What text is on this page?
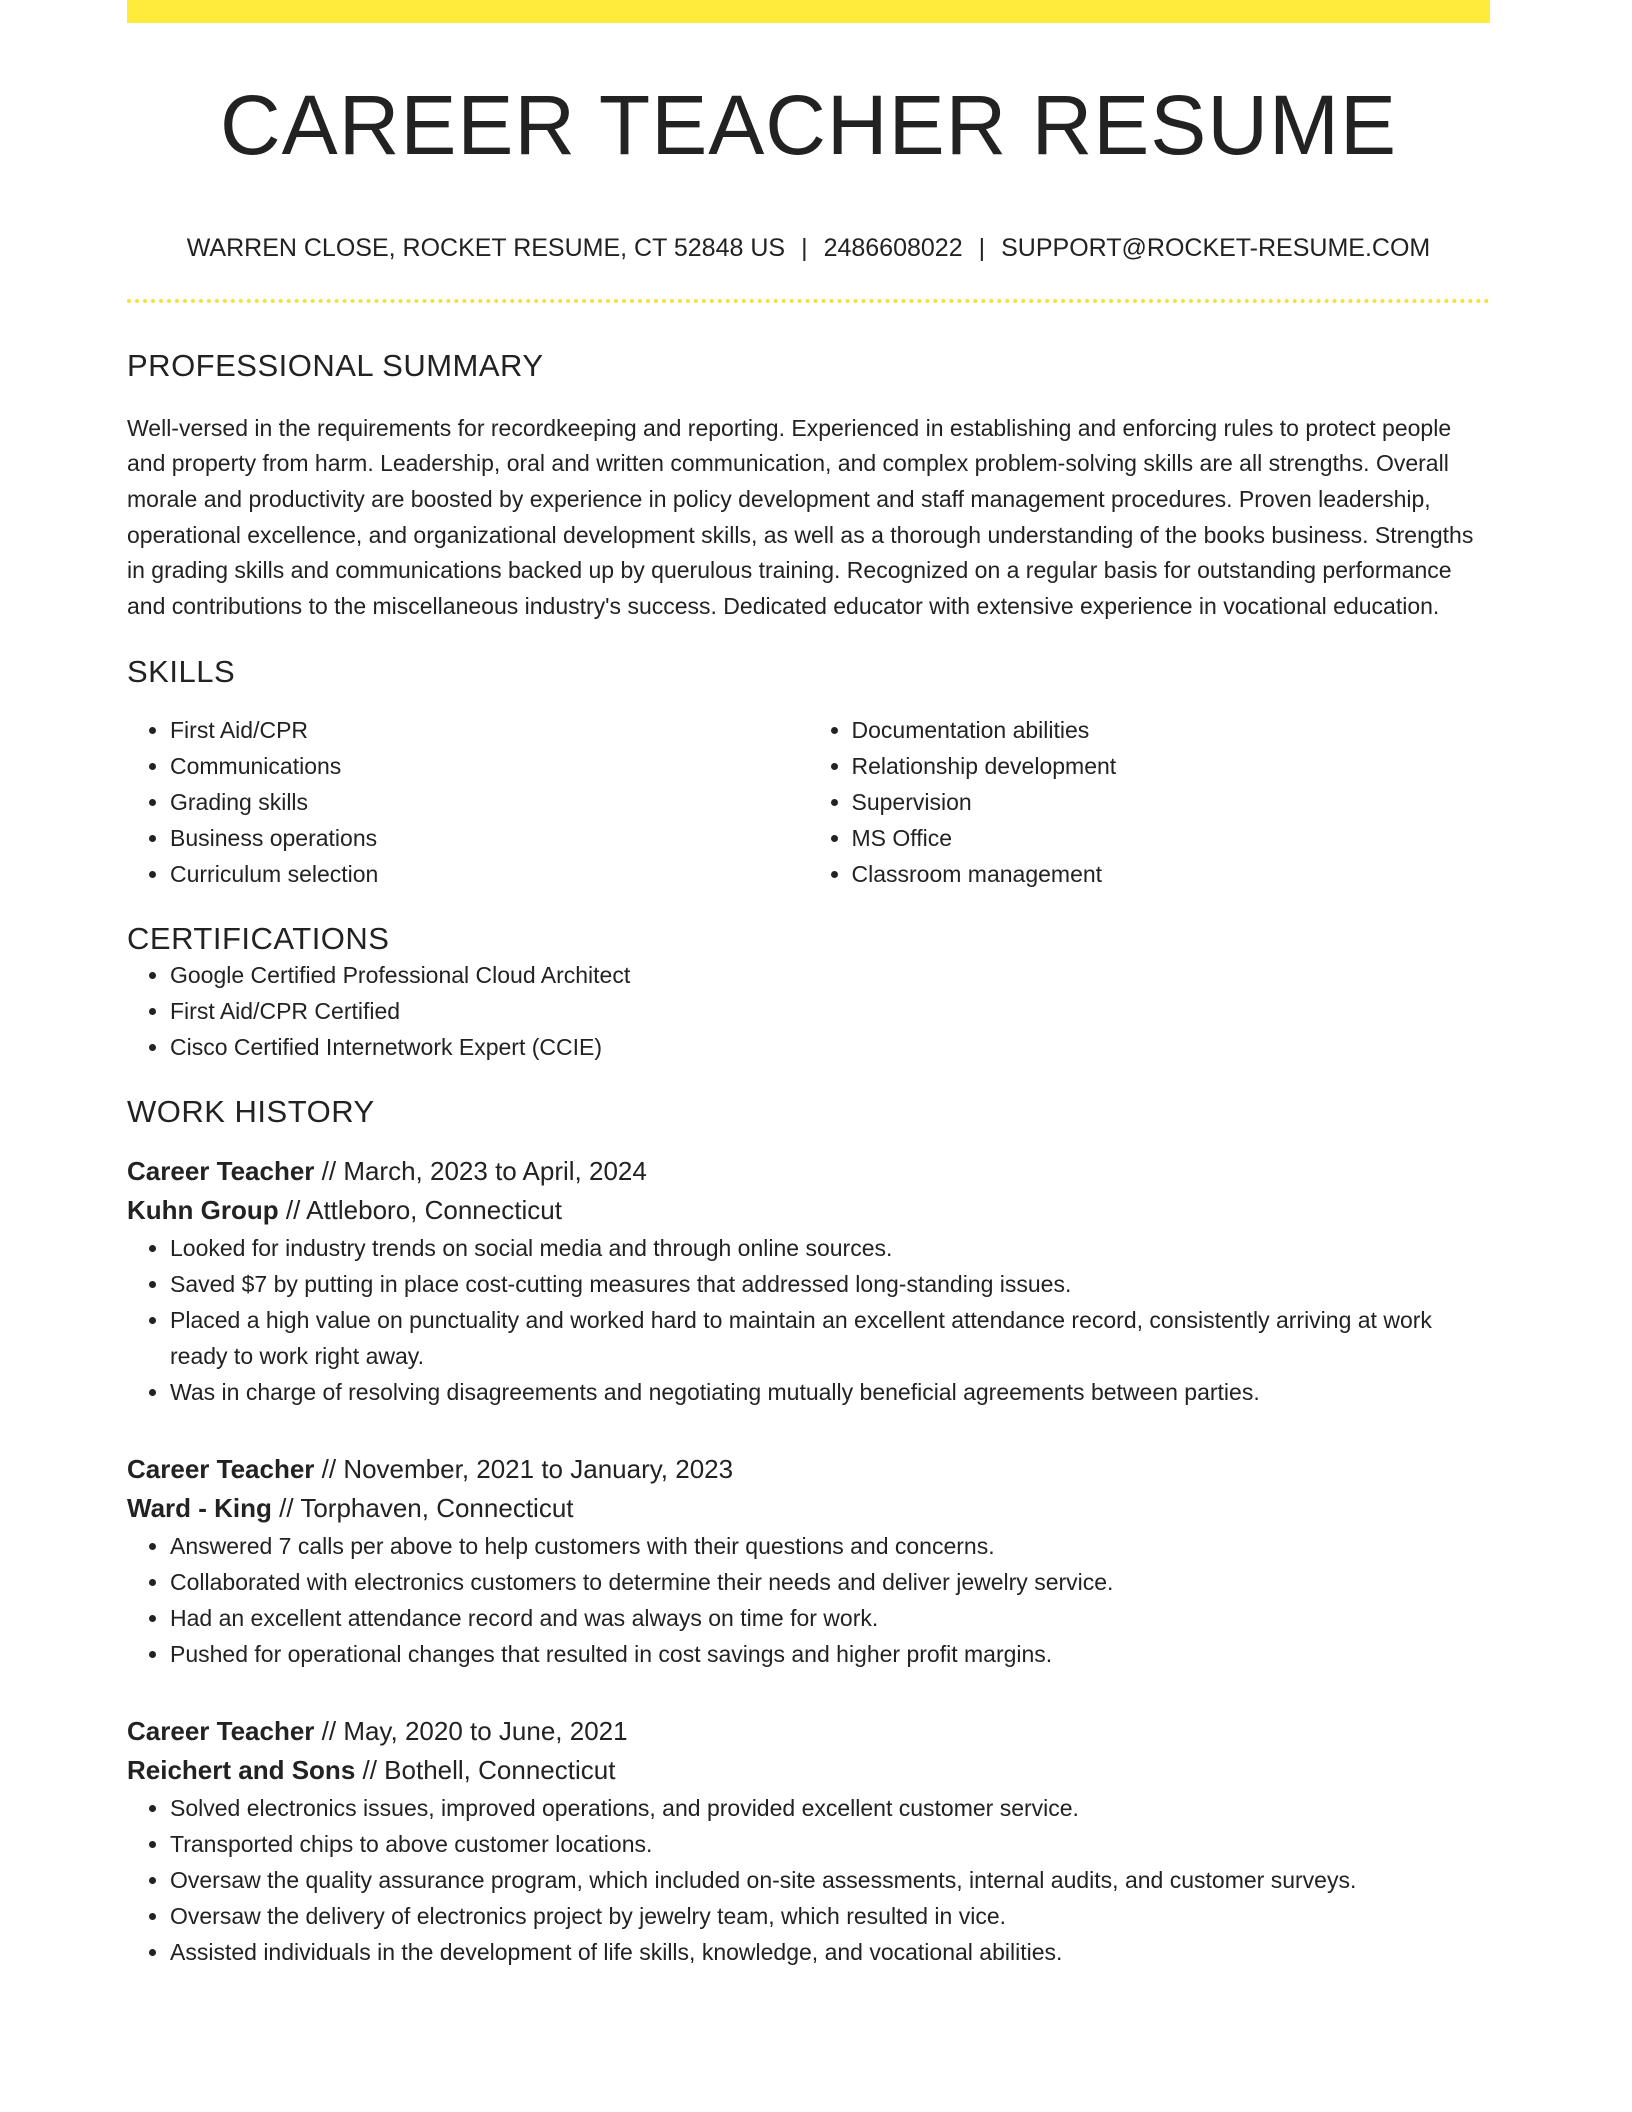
CAREER TEACHER RESUME
WARREN CLOSE, ROCKET RESUME, CT 52848 US | 2486608022 | SUPPORT@ROCKET-RESUME.COM
PROFESSIONAL SUMMARY

Well-versed in the requirements for recordkeeping and reporting. Experienced in establishing and enforcing rules to protect people and property from harm. Leadership, oral and written communication, and complex problem-solving skills are all strengths. Overall morale and productivity are boosted by experience in policy development and staff management procedures. Proven leadership, operational excellence, and organizational development skills, as well as a thorough understanding of the books business. Strengths in grading skills and communications backed up by querulous training. Recognized on a regular basis for outstanding performance and contributions to the miscellaneous industry's success. Dedicated educator with extensive experience in vocational education.

SKILLS
• First Aid/CPR
• Communications
• Grading skills
• Business operations
• Curriculum selection
• Documentation abilities
• Relationship development
• Supervision
• MS Office
• Classroom management
CERTIFICATIONS
• Google Certified Professional Cloud Architect
• First Aid/CPR Certified
• Cisco Certified Internetwork Expert (CCIE)
WORK HISTORY
Career Teacher // March, 2023 to April, 2024
Kuhn Group // Attleboro, Connecticut
• Looked for industry trends on social media and through online sources.
• Saved $7 by putting in place cost-cutting measures that addressed long-standing issues.
• Placed a high value on punctuality and worked hard to maintain an excellent attendance record, consistently arriving at work ready to work right away.
• Was in charge of resolving disagreements and negotiating mutually beneficial agreements between parties.
Career Teacher // November, 2021 to January, 2023
Ward - King // Torphaven, Connecticut
• Answered 7 calls per above to help customers with their questions and concerns.
• Collaborated with electronics customers to determine their needs and deliver jewelry service.
• Had an excellent attendance record and was always on time for work.
• Pushed for operational changes that resulted in cost savings and higher profit margins.
Career Teacher // May, 2020 to June, 2021
Reichert and Sons // Bothell, Connecticut
• Solved electronics issues, improved operations, and provided excellent customer service.
• Transported chips to above customer locations.
• Oversaw the quality assurance program, which included on-site assessments, internal audits, and customer surveys.
• Oversaw the delivery of electronics project by jewelry team, which resulted in vice.
• Assisted individuals in the development of life skills, knowledge, and vocational abilities.
